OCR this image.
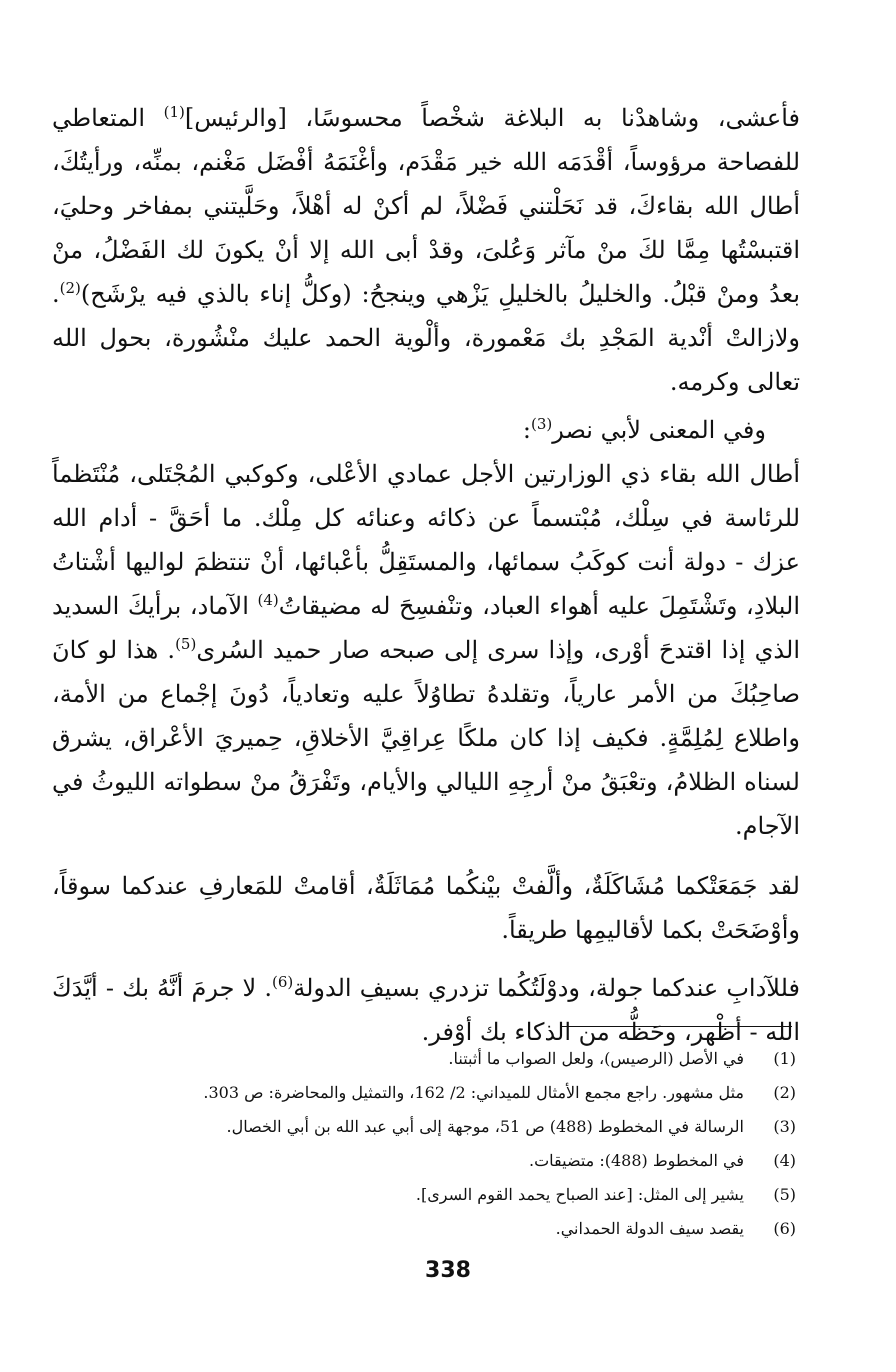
فأعشى، وشاهدْنا به البلاغة شخْصاً محسوسًا، [والرئيس]$^{(1)}$ المتعاطي للفصاحة مرؤوساً، أقْدَمَه الله خير مَقْدَم، وأغْنَمَهُ أفْضَل مَغْنم، بمنِّه، ورأيتُكَ، أطال الله بقاءكَ، قد نَحَلْتني فَضْلاً، لم أكنْ له أهْلاً، وحَلَّيتني بمفاخر وحليَ، اقتبسْتُها مِمَّا لكَ منْ مآثر وَعُلىَ، وقدْ أبى الله إلا أنْ يكونَ لك الفَضْلُ، منْ بعدُ ومنْ قبْلُ. والخليلُ بالخليلِ يَزْهي وينجحُ: (وكلُّ إناء بالذي فيه يرْشَح)$^{(2)}$. ولازالتْ أنْدية المَجْدِ بك مَعْمورة، وألْوية الحمد عليك منْشُورة، بحول الله تعالى وكرمه.

وفي المعنى لأبي نصر$^{(3)}$:

أطال الله بقاء ذي الوزارتين الأجل عمادي الأعْلى، وكوكبي المُجْتَلى، مُنْتَظماً للرئاسة في سِلْك، مُبْتسماً عن ذكائه وعنائه كل مِلْك. ما أحَقَّ - أدام الله عزك - دولة أنت كوكَبُ سمائها، والمستَقِلُّ بأعْبائها، أنْ تنتظمَ لواليها أشْتاتُ البلادِ، وتَشْتَمِلَ عليه أهواء العباد، وتنْفسِحَ له مضيقاتُ$^{(4)}$ الآماد، برأيكَ السديد الذي إذا اقتدحَ أوْرى، وإذا سرى إلى صبحه صار حميد السُرى$^{(5)}$. هذا لو كانَ صاحِبُكَ من الأمر عارياً، وتقلدهُ تطاوُلاً عليه وتعادياً، دُونَ إجْماع من الأمة، واطلاع لِمُلِمَّةٍ. فكيف إذا كان ملكًا عِراقِيَّ الأخلاقِ، حِميريَ الأعْراق، يشرق لسناه الظلامُ، وتعْبَقُ منْ أرجِهِ الليالي والأيام، وتَفْرَقُ منْ سطواته الليوثُ في الآجام.

لقد جَمَعَتْكما مُشَاكَلَةٌ، وألَّفتْ بيْنكُما مُمَاثَلَةٌ، أقامتْ للمَعارفِ عندكما سوقاً، وأوْضَحَتْ بكما لأقاليمِها طريقاً.

فللآدابِ عندكما جولة، ودوْلَتُكُما تزدري بسيفِ الدولة$^{(6)}$. لا جرمَ أنَّهُ بك - أيَّدَكَ الله - أظْهر، وحَظُّه من الذكاء بك أوْفر.

(1)
في الأصل (الرصيس)، ولعل الصواب ما أثبتنا.
(2)
مثل مشهور. راجع مجمع الأمثال للميداني: 2/ 162، والتمثيل والمحاضرة: ص 303.
(3)
الرسالة في المخطوط (488) ص 51، موجهة إلى أبي عبد الله بن أبي الخصال.
(4)
في المخطوط (488): متضيقات.
(5)
يشير إلى المثل: [عند الصباح يحمد القوم السرى].
(6)
يقصد سيف الدولة الحمداني.
338
